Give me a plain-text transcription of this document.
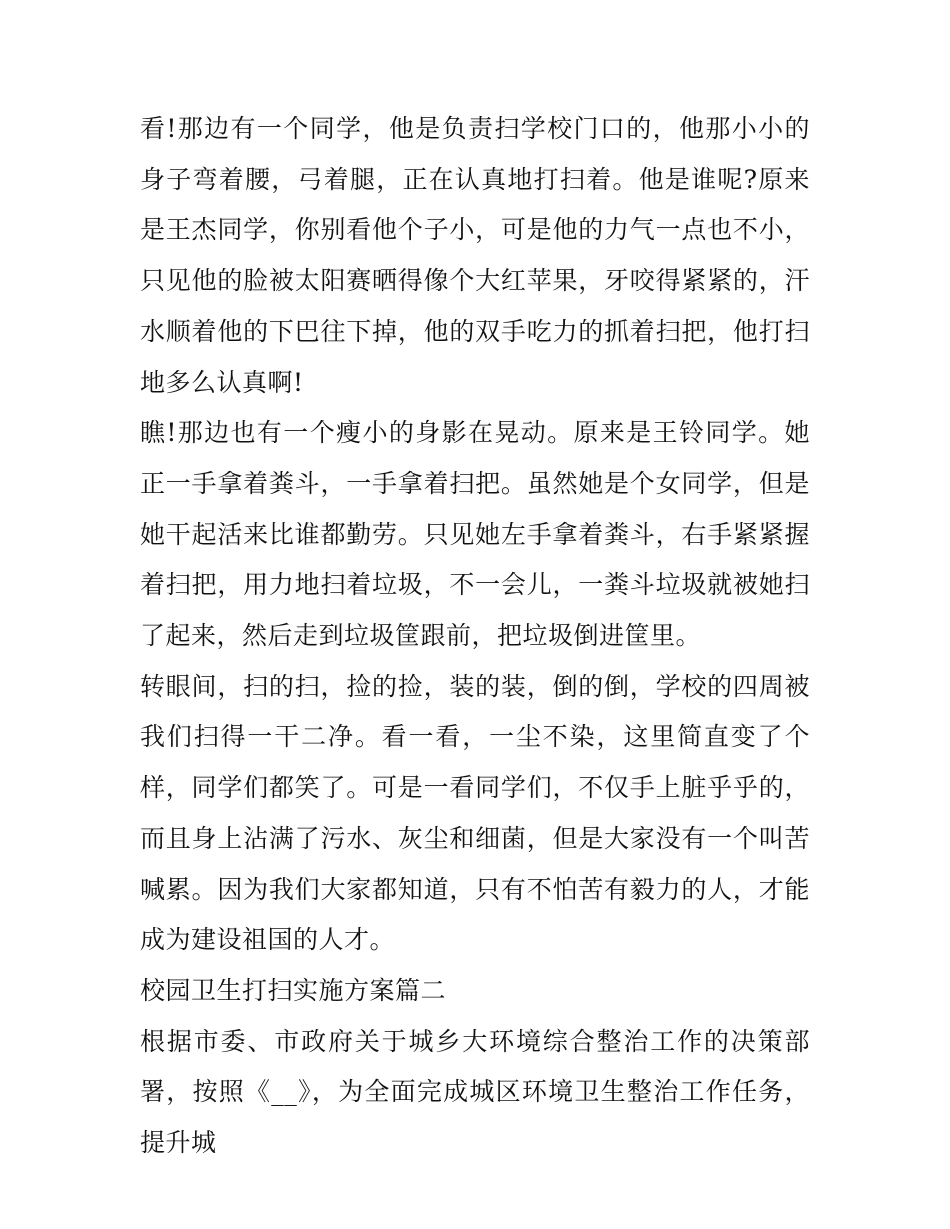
看!那边有一个同学，他是负责扫学校门口的，他那小小的身子弯着腰，弓着腿，正在认真地打扫着。他是谁呢?原来是王杰同学，你别看他个子小，可是他的力气一点也不小，只见他的脸被太阳赛晒得像个大红苹果，牙咬得紧紧的，汗水顺着他的下巴往下掉，他的双手吃力的抓着扫把，他打扫地多么认真啊!

瞧!那边也有一个瘦小的身影在晃动。原来是王铃同学。她正一手拿着粪斗，一手拿着扫把。虽然她是个女同学，但是她干起活来比谁都勤劳。只见她左手拿着粪斗，右手紧紧握着扫把，用力地扫着垃圾，不一会儿，一粪斗垃圾就被她扫了起来，然后走到垃圾筐跟前，把垃圾倒进筐里。

转眼间，扫的扫，捡的捡，装的装，倒的倒，学校的四周被我们扫得一干二净。看一看，一尘不染，这里简直变了个样，同学们都笑了。可是一看同学们，不仅手上脏乎乎的，而且身上沾满了污水、灰尘和细菌，但是大家没有一个叫苦喊累。因为我们大家都知道，只有不怕苦有毅力的人，才能成为建设祖国的人才。

校园卫生打扫实施方案篇二

根据市委、市政府关于城乡大环境综合整治工作的决策部署，按照《__》，为全面完成城区环境卫生整治工作任务，提升城
